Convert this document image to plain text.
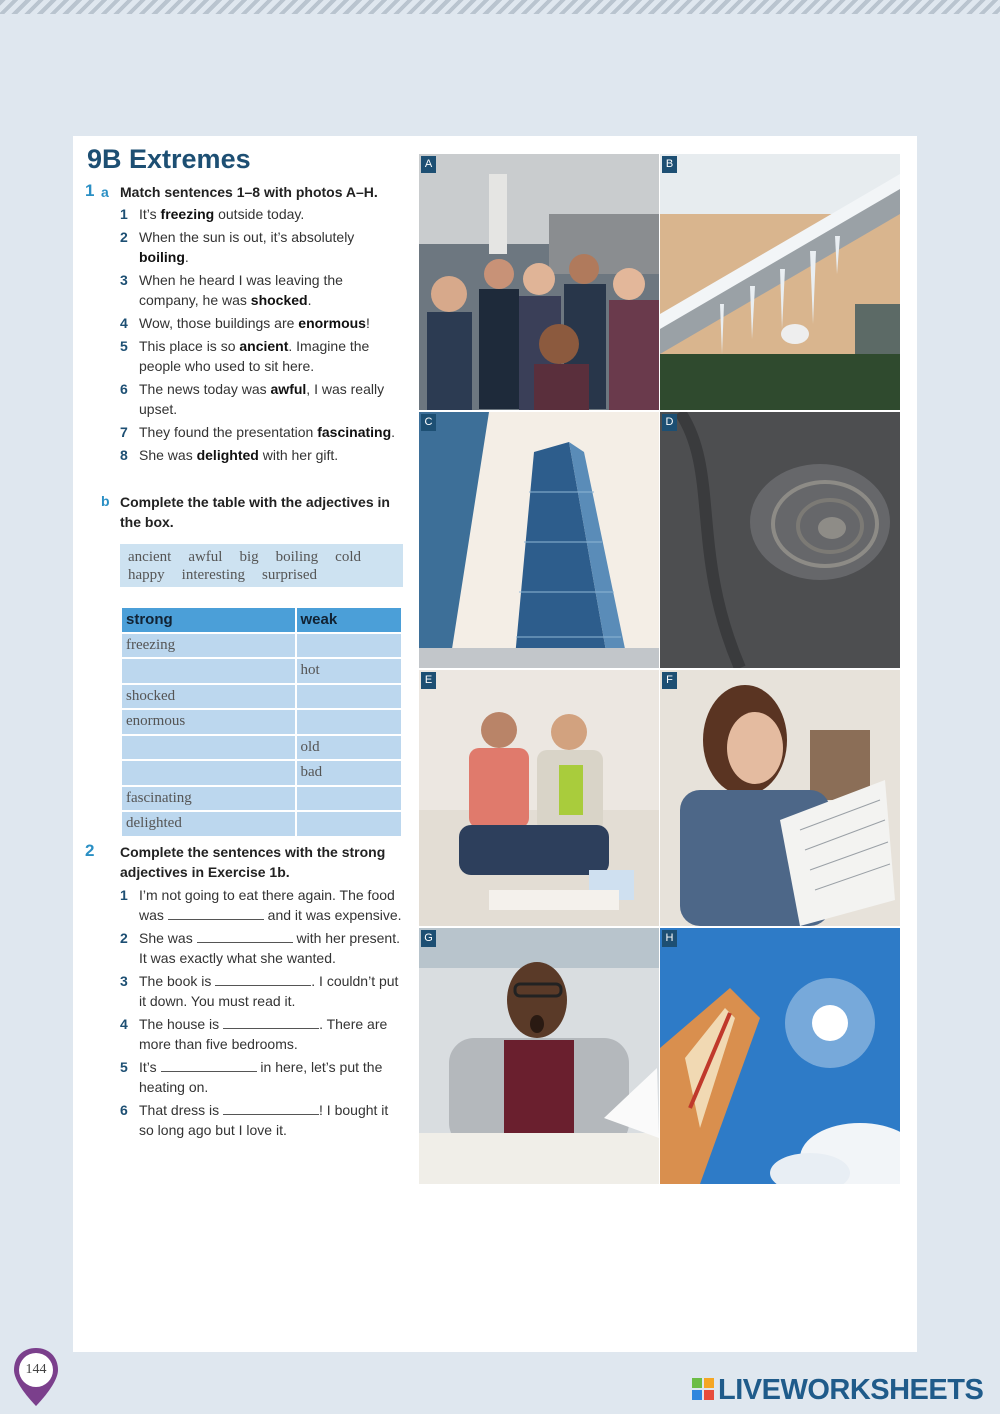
9B Extremes
1 a Match sentences 1–8 with photos A–H.
1 It’s freezing outside today.
2 When the sun is out, it’s absolutely boiling.
3 When he heard I was leaving the company, he was shocked.
4 Wow, those buildings are enormous!
5 This place is so ancient. Imagine the people who used to sit here.
6 The news today was awful, I was really upset.
7 They found the presentation fascinating.
8 She was delighted with her gift.
b Complete the table with the adjectives in the box.
ancient awful big boiling cold
happy interesting surprised
strong	weak
freezing	
	hot
shocked	
enormous	
	old
	bad
fascinating	
delighted	
2 Complete the sentences with the strong adjectives in Exercise 1b.
1 I’m not going to eat there again. The food was	and it was expensive.
2 She was	with her present. It was exactly what she wanted.
3 The book is	. I couldn’t put it down. You must read it.
4 The house is	. There are more than five bedrooms.
5 It’s	in here, let’s put the heating on.
6 That dress is	! I bought it so long ago but I love it.
A	B
C	D
E	F
G	H
144
LIVEWORKSHEETS
